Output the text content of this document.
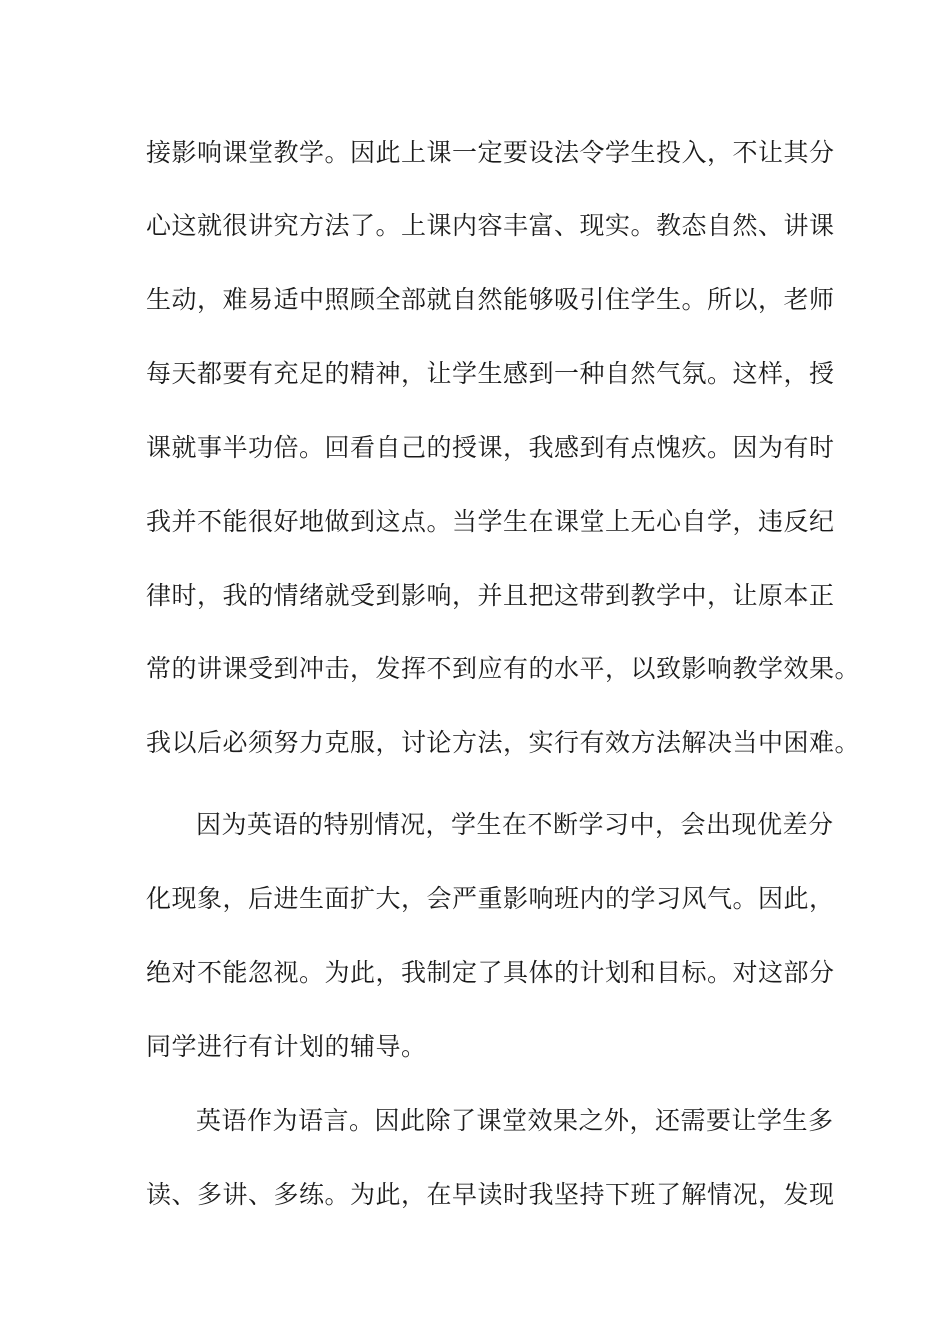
接影响课堂教学。因此上课一定要设法令学生投入，不让其分
心这就很讲究方法了。上课内容丰富、现实。教态自然、讲课
生动，难易适中照顾全部就自然能够吸引住学生。所以，老师
每天都要有充足的精神，让学生感到一种自然气氛。这样，授
课就事半功倍。回看自己的授课，我感到有点愧疚。因为有时
我并不能很好地做到这点。当学生在课堂上无心自学，违反纪
律时，我的情绪就受到影响，并且把这带到教学中，让原本正
常的讲课受到冲击，发挥不到应有的水平，以致影响教学效果。
我以后必须努力克服，讨论方法，实行有效方法解决当中困难。
因为英语的特别情况，学生在不断学习中，会出现优差分
化现象，后进生面扩大，会严重影响班内的学习风气。因此，
绝对不能忽视。为此，我制定了具体的计划和目标。对这部分
同学进行有计划的辅导。
英语作为语言。因此除了课堂效果之外，还需要让学生多
读、多讲、多练。为此，在早读时我坚持下班了解情况，发现
